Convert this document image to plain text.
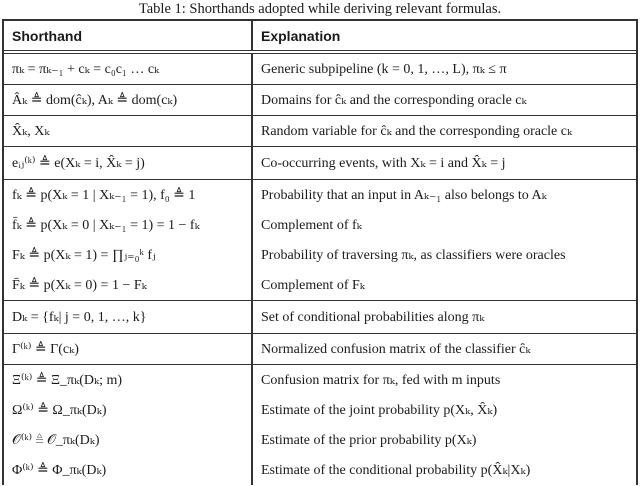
Table 1: Shorthands adopted while deriving relevant formulas.
Shorthand	Explanation
πₖ = πₖ₋₁ + cₖ = c₀c₁ … cₖ	Generic subpipeline (k = 0, 1, …, L), πₖ ≤ π
Âₖ ≜ dom(ĉₖ), Aₖ ≜ dom(cₖ)	Domains for ĉₖ and the corresponding oracle cₖ
X̂ₖ, Xₖ	Random variable for ĉₖ and the corresponding oracle cₖ
eᵢⱼ⁽ᵏ⁾ ≜ e(Xₖ = i, X̂ₖ = j)	Co-occurring events, with Xₖ = i and X̂ₖ = j
fₖ ≜ p(Xₖ = 1 | Xₖ₋₁ = 1), f₀ ≜ 1	Probability that an input in Aₖ₋₁ also belongs to Aₖ
f̄ₖ ≜ p(Xₖ = 0 | Xₖ₋₁ = 1) = 1 − fₖ	Complement of fₖ
Fₖ ≜ p(Xₖ = 1) = ∏ⱼ₌₀ᵏ fⱼ	Probability of traversing πₖ, as classifiers were oracles
F̄ₖ ≜ p(Xₖ = 0) = 1 − Fₖ	Complement of Fₖ
Dₖ = {fₖ| j = 0, 1, …, k}	Set of conditional probabilities along πₖ
Γ⁽ᵏ⁾ ≜ Γ(cₖ)	Normalized confusion matrix of the classifier ĉₖ
Ξ⁽ᵏ⁾ ≜ Ξ_πₖ(Dₖ; m)	Confusion matrix for πₖ, fed with m inputs
Ω⁽ᵏ⁾ ≜ Ω_πₖ(Dₖ)	Estimate of the joint probability p(Xₖ, X̂ₖ)
𝒪⁽ᵏ⁾ ≜ 𝒪_πₖ(Dₖ)	Estimate of the prior probability p(Xₖ)
Φ⁽ᵏ⁾ ≜ Φ_πₖ(Dₖ)	Estimate of the conditional probability p(X̂ₖ|Xₖ)
